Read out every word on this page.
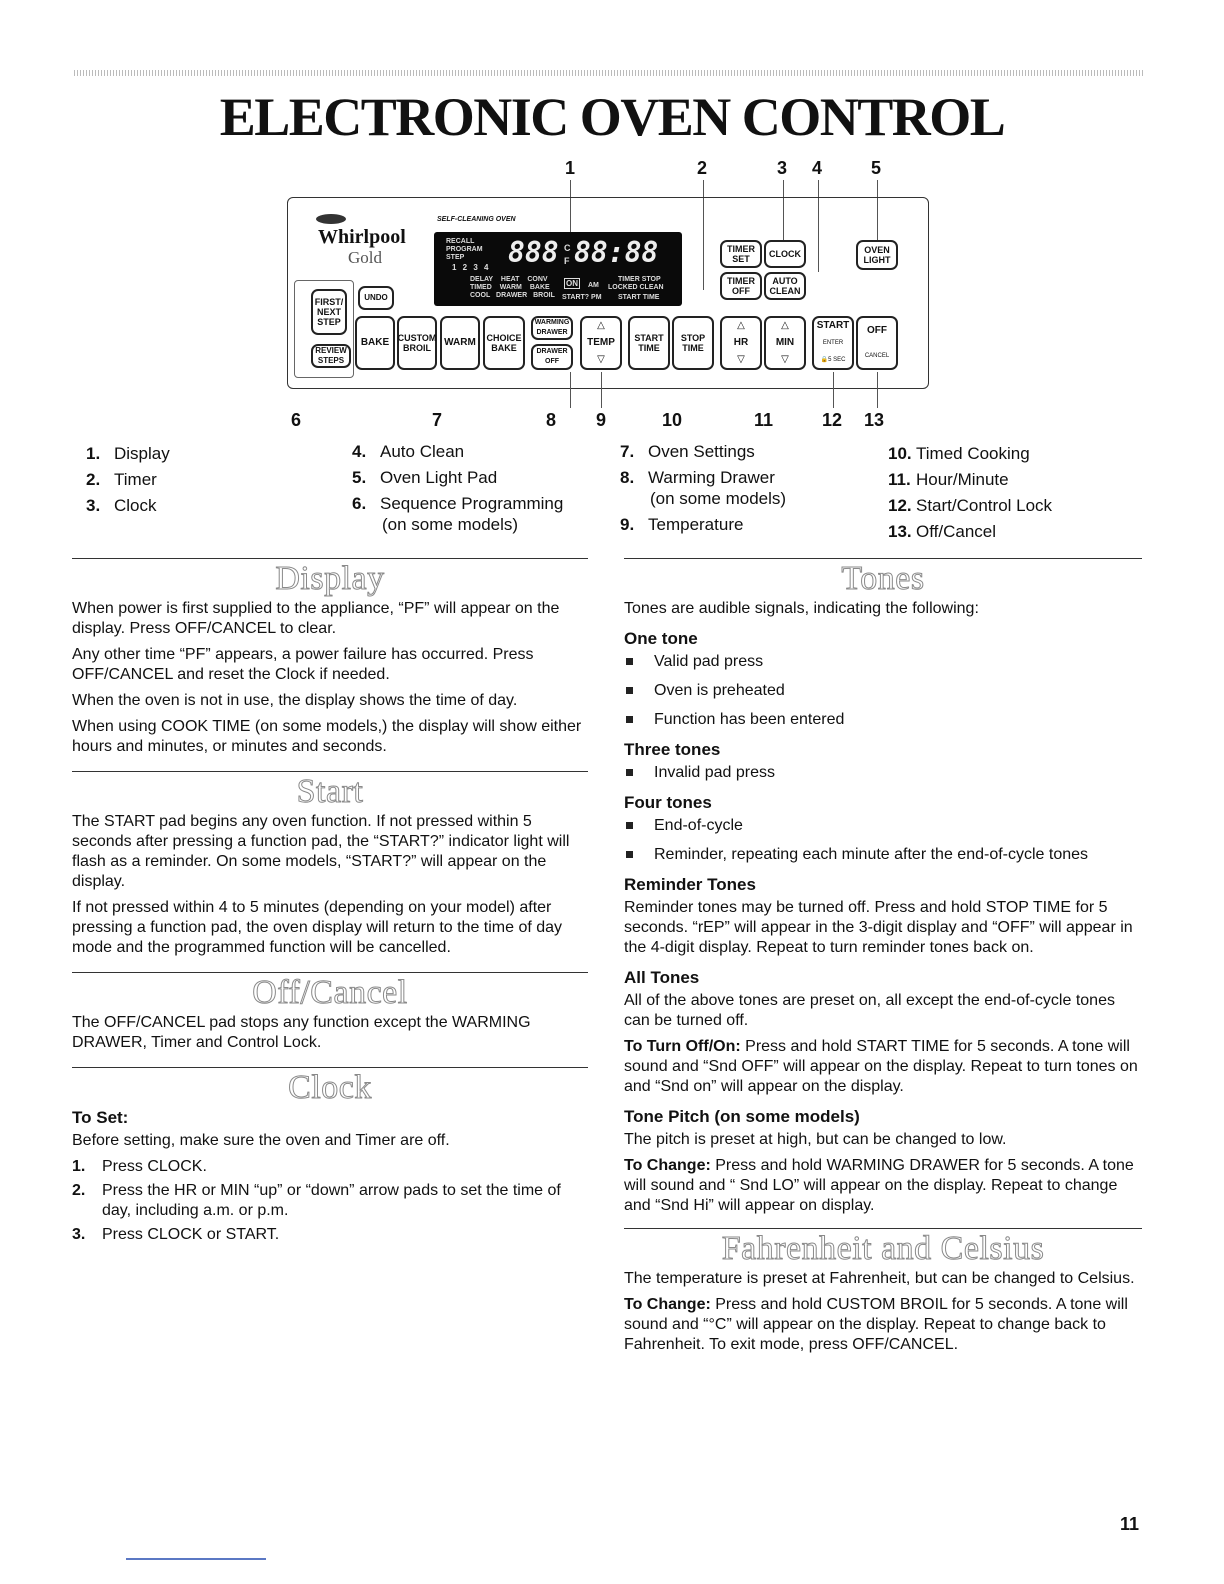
ELECTRONIC OVEN CONTROL
1	2	3 4	5
Whirlpool
Gold
SELF-CLEANING OVEN
RECALL
PROGRAM
STEP
1 2 3 4 888 C F 88:88
DELAY HEAT CONV
TIMED WARM BAKE
COOL DRAWER BROIL
ON AM
START? PM
TIMER STOP
LOCKED CLEAN
START TIME
FIRST/ NEXT STEP
UNDO
REVIEW STEPS
BAKE CUSTOM BROIL	WARM	CHOICE BAKE
WARMING DRAWER
DRAWER OFF
△
TEMP
▽
START TIME
STOP TIME
△
HR
▽
△
MIN
▽
TIMER SET	CLOCK
TIMER OFF
AUTO CLEAN
OVEN LIGHT
START
ENTER
🔒5 SEC
OFF
CANCEL
6	7	8 9	10	11	12 13
1. Display
2. Timer
3. Clock
4. Auto Clean
5. Oven Light Pad
6. Sequence Programming
(on some models)
7. Oven Settings
8. Warming Drawer
(on some models)
9. Temperature
10. Timed Cooking
11. Hour/Minute
12. Start/Control Lock
13. Off/Cancel
Display

When power is first supplied to the appliance, “PF” will appear on the display. Press OFF/CANCEL to clear.

Any other time “PF” appears, a power failure has occurred. Press OFF/CANCEL and reset the Clock if needed.

When the oven is not in use, the display shows the time of day.

When using COOK TIME (on some models,) the display will show either hours and minutes, or minutes and seconds.

Start

The START pad begins any oven function. If not pressed within 5 seconds after pressing a function pad, the “START?” indicator light will flash as a reminder. On some models, “START?” will appear on the display.

If not pressed within 4 to 5 minutes (depending on your model) after pressing a function pad, the oven display will return to the time of day mode and the programmed function will be cancelled.

Off/Cancel

The OFF/CANCEL pad stops any function except the WARMING DRAWER, Timer and Control Lock.

Clock
To Set:

Before setting, make sure the oven and Timer are off.

1. Press CLOCK.
2. Press the HR or MIN “up” or “down” arrow pads to set the time of day, including a.m. or p.m.
3. Press CLOCK or START.
Tones

Tones are audible signals, indicating the following:

One tone
Valid pad press
Oven is preheated
Function has been entered
Three tones
Invalid pad press
Four tones
End-of-cycle
Reminder, repeating each minute after the end-of-cycle tones
Reminder Tones

Reminder tones may be turned off. Press and hold STOP TIME for 5 seconds. “rEP” will appear in the 3-digit display and “OFF” will appear in the 4-digit display. Repeat to turn reminder tones back on.

All Tones

All of the above tones are preset on, all except the end-of-cycle tones can be turned off.

To Turn Off/On: Press and hold START TIME for 5 seconds. A tone will sound and “Snd OFF” will appear on the display. Repeat to turn tones on and “Snd on” will appear on the display.

Tone Pitch (on some models)

The pitch is preset at high, but can be changed to low.

To Change: Press and hold WARMING DRAWER for 5 seconds. A tone will sound and “ Snd LO” will appear on the display. Repeat to change and “Snd Hi” will appear on display.

Fahrenheit and Celsius

The temperature is preset at Fahrenheit, but can be changed to Celsius.

To Change: Press and hold CUSTOM BROIL for 5 seconds. A tone will sound and “°C” will appear on the display. Repeat to change back to Fahrenheit. To exit mode, press OFF/CANCEL.

11
